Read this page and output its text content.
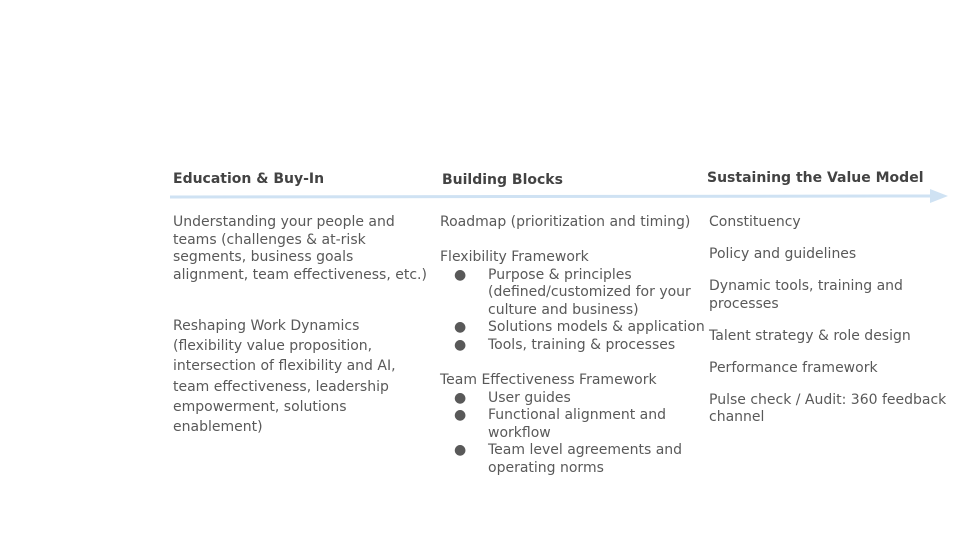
Education & Buy-In	Building Blocks	Sustaining the Value Model

Understanding your people and teams (challenges & at-risk segments, business goals alignment, team effectiveness, etc.)

Reshaping Work Dynamics (flexibility value proposition, intersection of flexibility and AI, team effectiveness, leadership empowerment, solutions enablement)

Roadmap (prioritization and timing)

Flexibility Framework

● Purpose & principles (defined/customized for your culture and business)
● Solutions models & application
● Tools, training & processes

Team Effectiveness Framework

● User guides
● Functional alignment and workflow
● Team level agreements and operating norms

Constituency

Policy and guidelines

Dynamic tools, training and processes

Talent strategy & role design

Performance framework

Pulse check / Audit: 360 feedback channel
